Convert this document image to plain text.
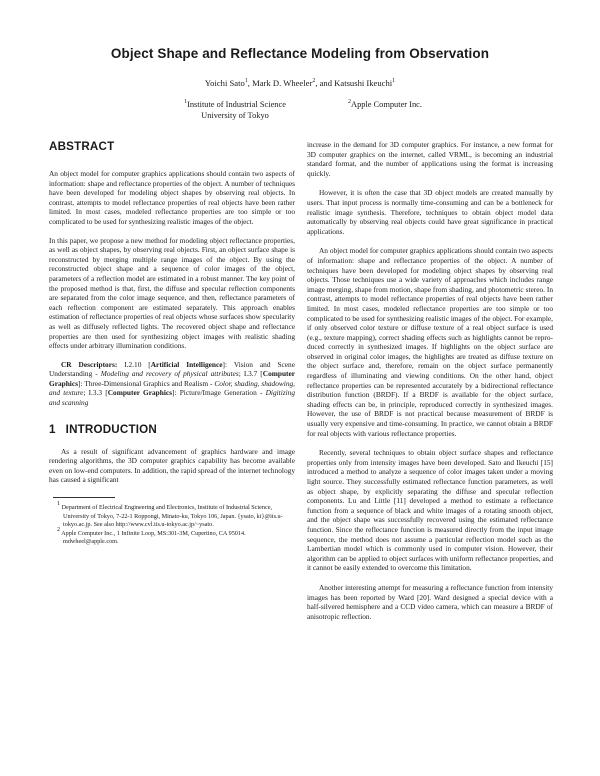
Object Shape and Reflectance Modeling from Observation
Yoichi Sato$^1$, Mark D. Wheeler$^2$, and Katsushi Ikeuchi$^1$
$^1$Institute of Industrial Science
University of Tokyo
$^2$Apple Computer Inc.
ABSTRACT

An object model for computer graphics applications should contain two aspects of information: shape and reflectance properties of the object. A number of techniques have been developed for modeling object shapes by observing real objects. In contrast, attempts to model reflectance properties of real objects have been rather limited. In most cases, modeled reflectance properties are too simple or too complicated to be used for synthesizing realistic images of the object.

In this paper, we propose a new method for modeling object reflectance properties, as well as object shapes, by observing real objects. First, an object surface shape is reconstructed by merging multiple range images of the object. By using the reconstructed object shape and a sequence of color images of the object, parameters of a reflection model are estimated in a robust manner. The key point of the proposed method is that, first, the diffuse and specular reflection components are separated from the color image sequence, and then, reflectance parameters of each reflection component are estimated separately. This approach enables estimation of reflectance properties of real objects whose surfaces show specularity as well as diffusely reflected lights. The recovered object shape and reflectance properties are then used for synthesizing object images with realistic shading effects under arbitrary illumination conditions.

CR Descriptors: I.2.10 [Artificial Intelligence]: Vision and Scene Understanding - Modeling and recovery of physical attributes; I.3.7 [Computer Graphics]: Three-Dimensional Graphics and Realism - Color, shading, shadowing, and texture; I.3.3 [Computer Graphics]: Picture/Image Generation - Digitizing and scanning

1 INTRODUCTION

As a result of significant advancement of graphics hardware and image rendering algorithms, the 3D computer graphics capability has become available even on low-end computers. In addition, the rapid spread of the internet technology has caused a significant

$^1$ Department of Electrical Engineering and Electronics, Institute of Industrial Science, University of Tokyo, 7-22-1 Roppongi, Minato-ku, Tokyo 106, Japan. {ysato, ki}@iis.u-tokyo.ac.jp. See also http://www.cvl.iis.u-tokyo.ac.jp/~ysato.
$^2$ Apple Computer Inc., 1 Infinite Loop, MS:301-3M, Cupertino, CA 95014. mdwheel@apple.com.

increase in the demand for 3D computer graphics. For instance, a new format for 3D computer graphics on the internet, called VRML, is becoming an industrial standard format, and the number of applications using the format is increasing quickly.

However, it is often the case that 3D object models are created manually by users. That input process is normally time-consuming and can be a bottleneck for realistic image synthesis. Therefore, techniques to obtain object model data automatically by observing real objects could have great significance in practical applications.

An object model for computer graphics applications should contain two aspects of information: shape and reflectance properties of the object. A number of techniques have been developed for modeling object shapes by observing real objects. Those techniques use a wide variety of approaches which includes range image merging, shape from motion, shape from shading, and photometric stereo. In contrast, attempts to model reflectance properties of real objects have been rather limited. In most cases, modeled reflectance properties are too simple or too complicated to be used for synthesizing realistic images of the object. For example, if only observed color texture or diffuse texture of a real object surface is used (e.g., texture mapping), correct shading effects such as highlights cannot be reproduced correctly in synthesized images. If highlights on the object surface are observed in original color images, the highlights are treated as diffuse texture on the object surface and, therefore, remain on the object surface permanently regardless of illuminating and viewing conditions. On the other hand, object reflectance properties can be represented accurately by a bidirectional reflectance distribution function (BRDF). If a BRDF is available for the object surface, shading effects can be, in principle, reproduced correctly in synthesized images. However, the use of BRDF is not practical because measurement of BRDF is usually very expensive and time-consuming. In practice, we cannot obtain a BRDF for real objects with various reflectance properties.

Recently, several techniques to obtain object surface shapes and reflectance properties only from intensity images have been developed. Sato and Ikeuchi [15] introduced a method to analyze a sequence of color images taken under a moving light source. They successfully estimated reflectance function parameters, as well as object shape, by explicitly separating the diffuse and specular reflection components. Lu and Little [11] developed a method to estimate a reflectance function from a sequence of black and white images of a rotating smooth object, and the object shape was successfully recovered using the estimated reflectance function. Since the reflectance function is measured directly from the input image sequence, the method does not assume a particular reflection model such as the Lambertian model which is commonly used in computer vision. However, their algorithm can be applied to object surfaces with uniform reflectance properties, and it cannot be easily extended to overcome this limitation.

Another interesting attempt for measuring a reflectance function from intensity images has been reported by Ward [20]. Ward designed a special device with a half-silvered hemisphere and a CCD video camera, which can measure a BRDF of anisotropic reflection.
